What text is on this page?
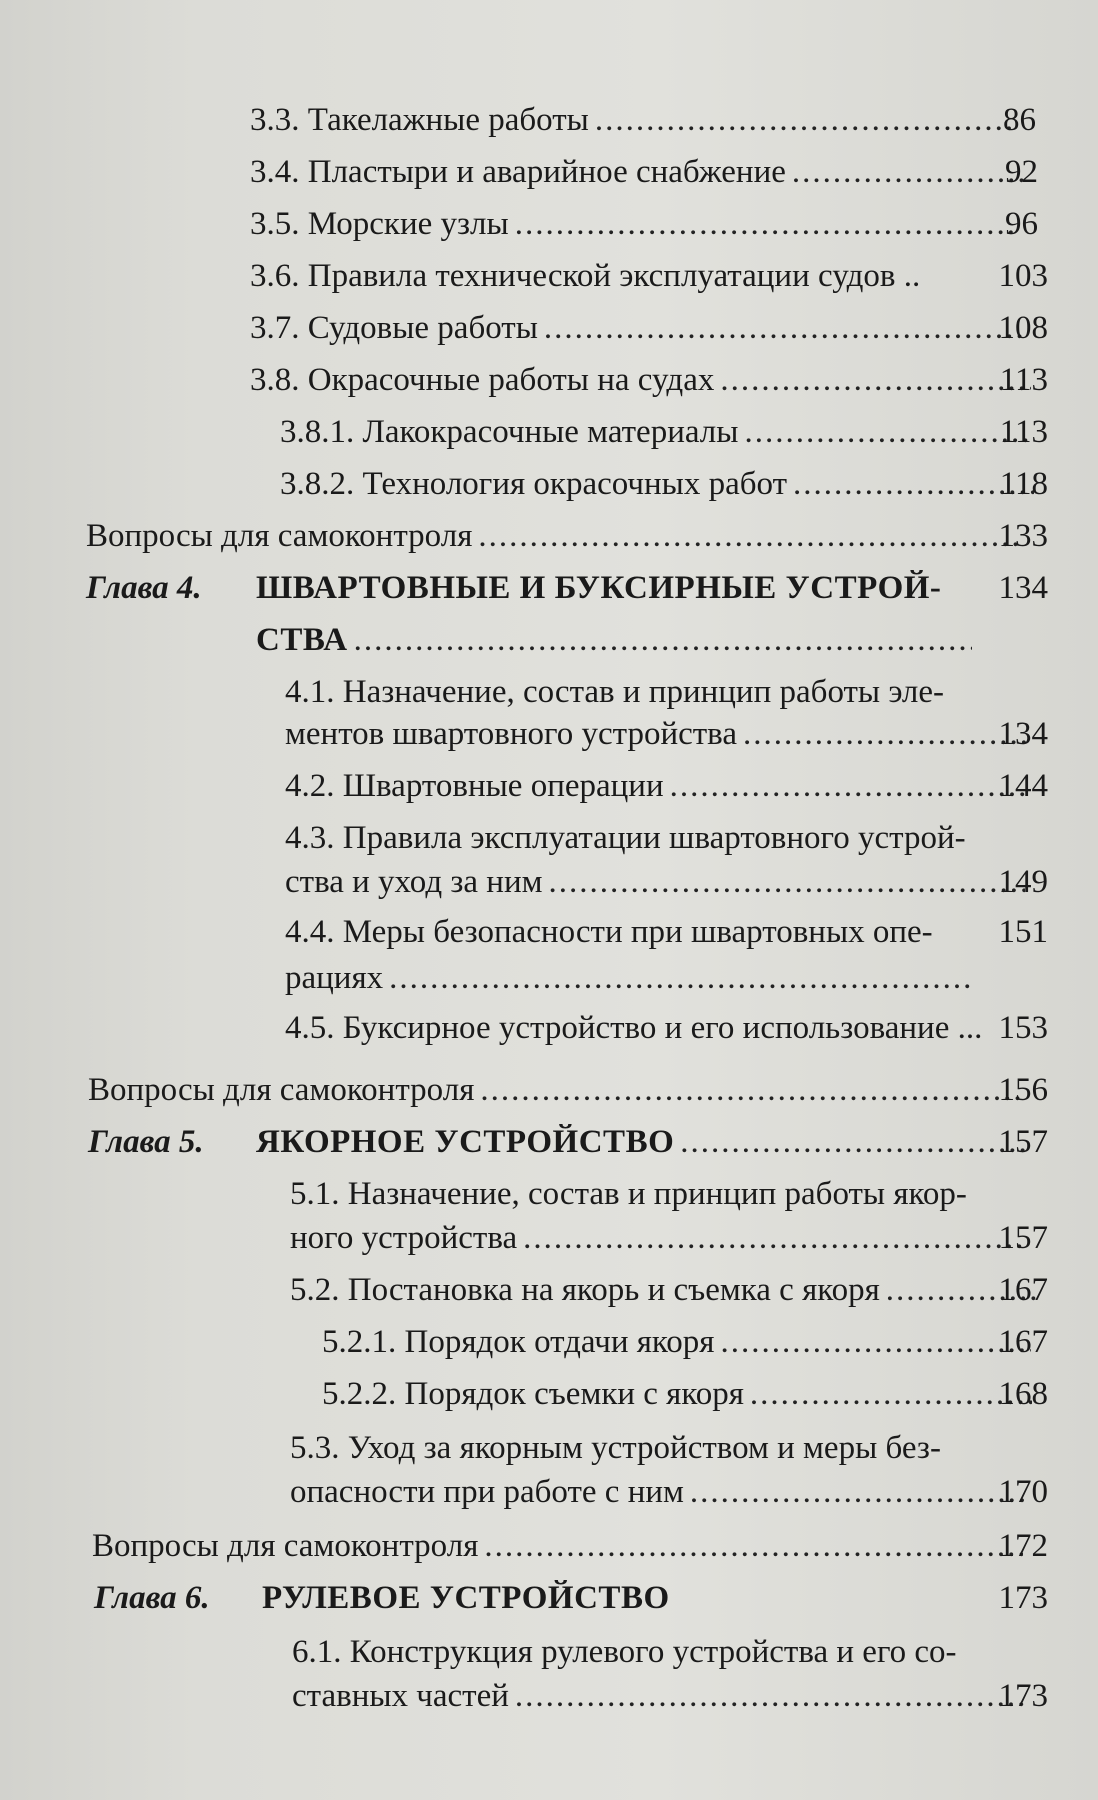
3.3. Такелажные работы .....	86
3.4. Пластыри и аварийное снабжение .....	92
3.5. Морские узлы .....	96
3.6. Правила технической эксплуатации судов ..	103
3.7. Судовые работы .....	108
3.8. Окрасочные работы на судах .....	113
3.8.1. Лакокрасочные материалы .....	113
3.8.2. Технология окрасочных работ .....	118
Вопросы для самоконтроля .....	133
Глава 4. ШВАРТОВНЫЕ И БУКСИРНЫЕ УСТРОЙ-	134
СТВА
.....
4.1. Назначение, состав и принцип работы эле-
ментов швартовного устройства .....	134
4.2. Швартовные операции .....	144
4.3. Правила эксплуатации швартовного устрой-
ства и уход за ним .....	149
4.4. Меры безопасности при швартовных опе-	151
рациях
.....
4.5. Буксирное устройство и его использование ... 153
Вопросы для самоконтроля .....	156
Глава 5. ЯКОРНОЕ УСТРОЙСТВО .....	157
5.1. Назначение, состав и принцип работы якор-
ного устройства .....	157
5.2. Постановка на якорь и съемка с якоря .....	167
5.2.1. Порядок отдачи якоря .....	167
5.2.2. Порядок съемки с якоря .....	168
5.3. Уход за якорным устройством и меры без-
опасности при работе с ним .....	170
Вопросы для самоконтроля .....	172
Глава 6. РУЛЕВОЕ УСТРОЙСТВО	173
6.1. Конструкция рулевого устройства и его со-
ставных частей .....	173
